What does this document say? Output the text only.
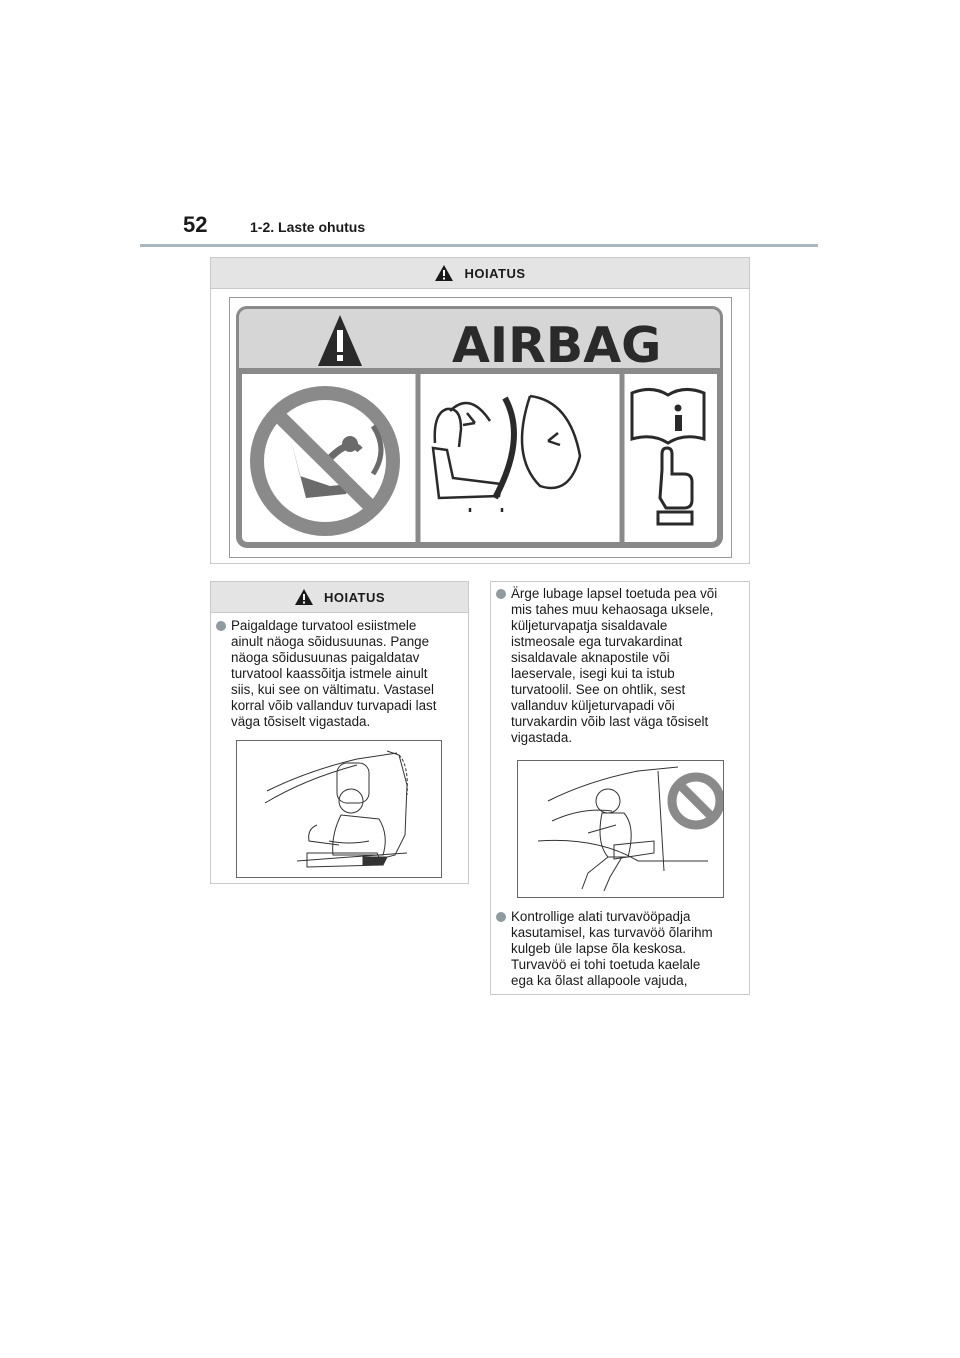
52	1-2. Laste ohutus
HOIATUS
AIRBAG
HOIATUS
Paigaldage turvatool esiistmele
ainult näoga sõidusuunas. Pange
näoga sõidusuunas paigaldatav
turvatool kaassõitja istmele ainult
siis, kui see on vältimatu. Vastasel
korral võib vallanduv turvapadi last
väga tõsiselt vigastada.
Ärge lubage lapsel toetuda pea või
mis tahes muu kehaosaga uksele,
küljeturvapatja sisaldavale
istmeosale ega turvakardinat
sisaldavale aknapostile või
laeservale, isegi kui ta istub
turvatoolil. See on ohtlik, sest
vallanduv küljeturvapadi või
turvakardin võib last väga tõsiselt
vigastada.
Kontrollige alati turvavööpadja
kasutamisel, kas turvavöö õlarihm
kulgeb üle lapse õla keskosa.
Turvavöö ei tohi toetuda kaelale
ega ka õlast allapoole vajuda,
